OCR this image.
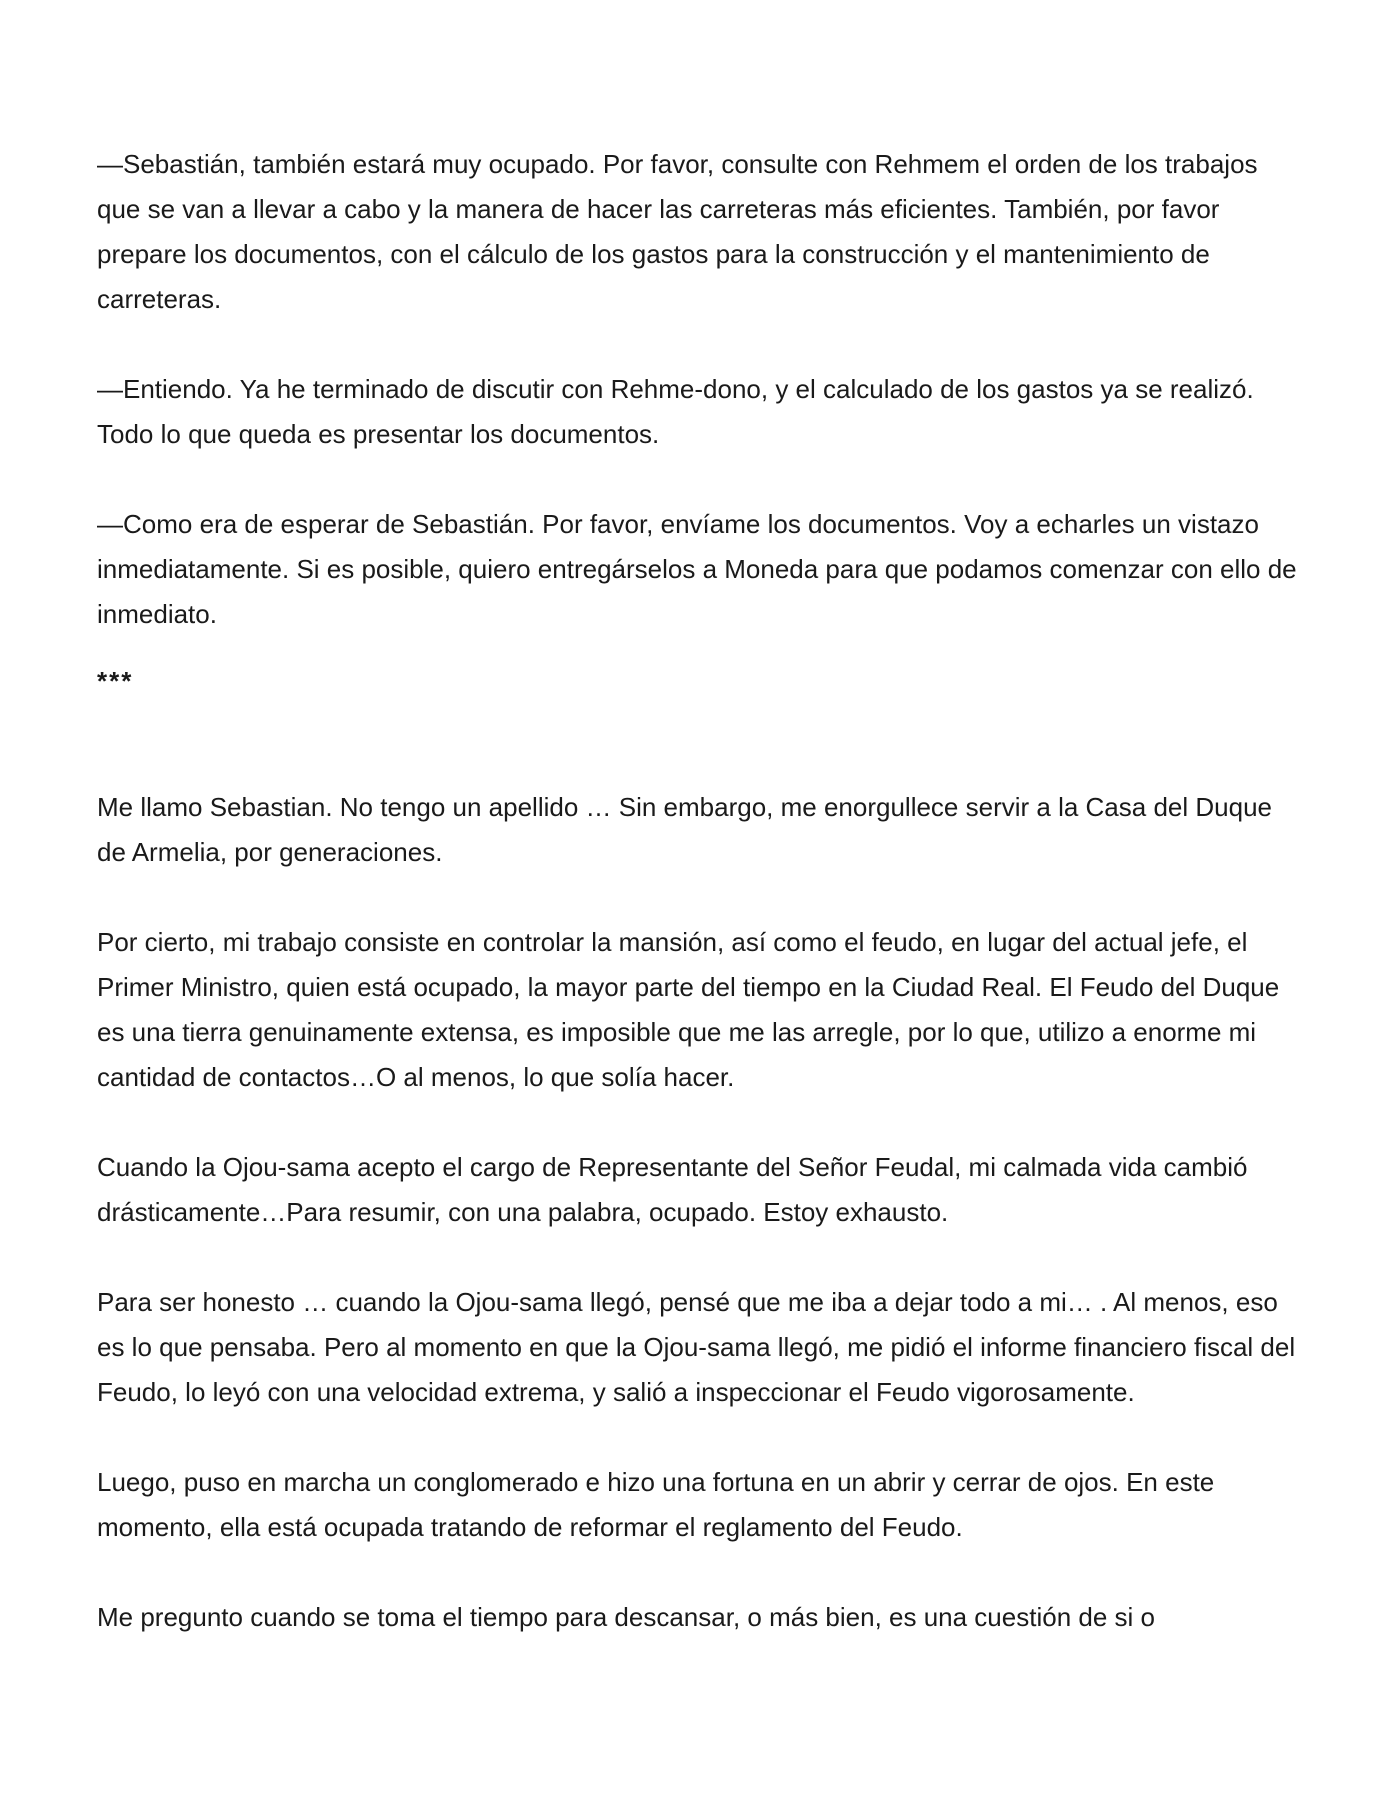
—Sebastián, también estará muy ocupado. Por favor, consulte con Rehmem el orden de los trabajos que se van a llevar a cabo y la manera de hacer las carreteras más eficientes. También, por favor prepare los documentos, con el cálculo de los gastos para la construcción y el mantenimiento de carreteras.

—Entiendo. Ya he terminado de discutir con Rehme-dono, y el calculado de los gastos ya se realizó. Todo lo que queda es presentar los documentos.

—Como era de esperar de Sebastián. Por favor, envíame los documentos. Voy a echarles un vistazo inmediatamente. Si es posible, quiero entregárselos a Moneda para que podamos comenzar con ello de inmediato.

***

Me llamo Sebastian. No tengo un apellido … Sin embargo, me enorgullece servir a la Casa del Duque de Armelia, por generaciones.

Por cierto, mi trabajo consiste en controlar la mansión, así como el feudo, en lugar del actual jefe, el Primer Ministro, quien está ocupado, la mayor parte del tiempo en la Ciudad Real. El Feudo del Duque es una tierra genuinamente extensa, es imposible que me las arregle, por lo que, utilizo a enorme mi cantidad de contactos…O al menos, lo que solía hacer.

Cuando la Ojou-sama acepto el cargo de Representante del Señor Feudal, mi calmada vida cambió drásticamente…Para resumir, con una palabra, ocupado. Estoy exhausto.

Para ser honesto … cuando la Ojou-sama llegó, pensé que me iba a dejar todo a mi… . Al menos, eso es lo que pensaba. Pero al momento en que la Ojou-sama llegó, me pidió el informe financiero fiscal del Feudo, lo leyó con una velocidad extrema, y salió a inspeccionar el Feudo vigorosamente.

Luego, puso en marcha un conglomerado e hizo una fortuna en un abrir y cerrar de ojos. En este momento, ella está ocupada tratando de reformar el reglamento del Feudo.

Me pregunto cuando se toma el tiempo para descansar, o más bien, es una cuestión de si o
